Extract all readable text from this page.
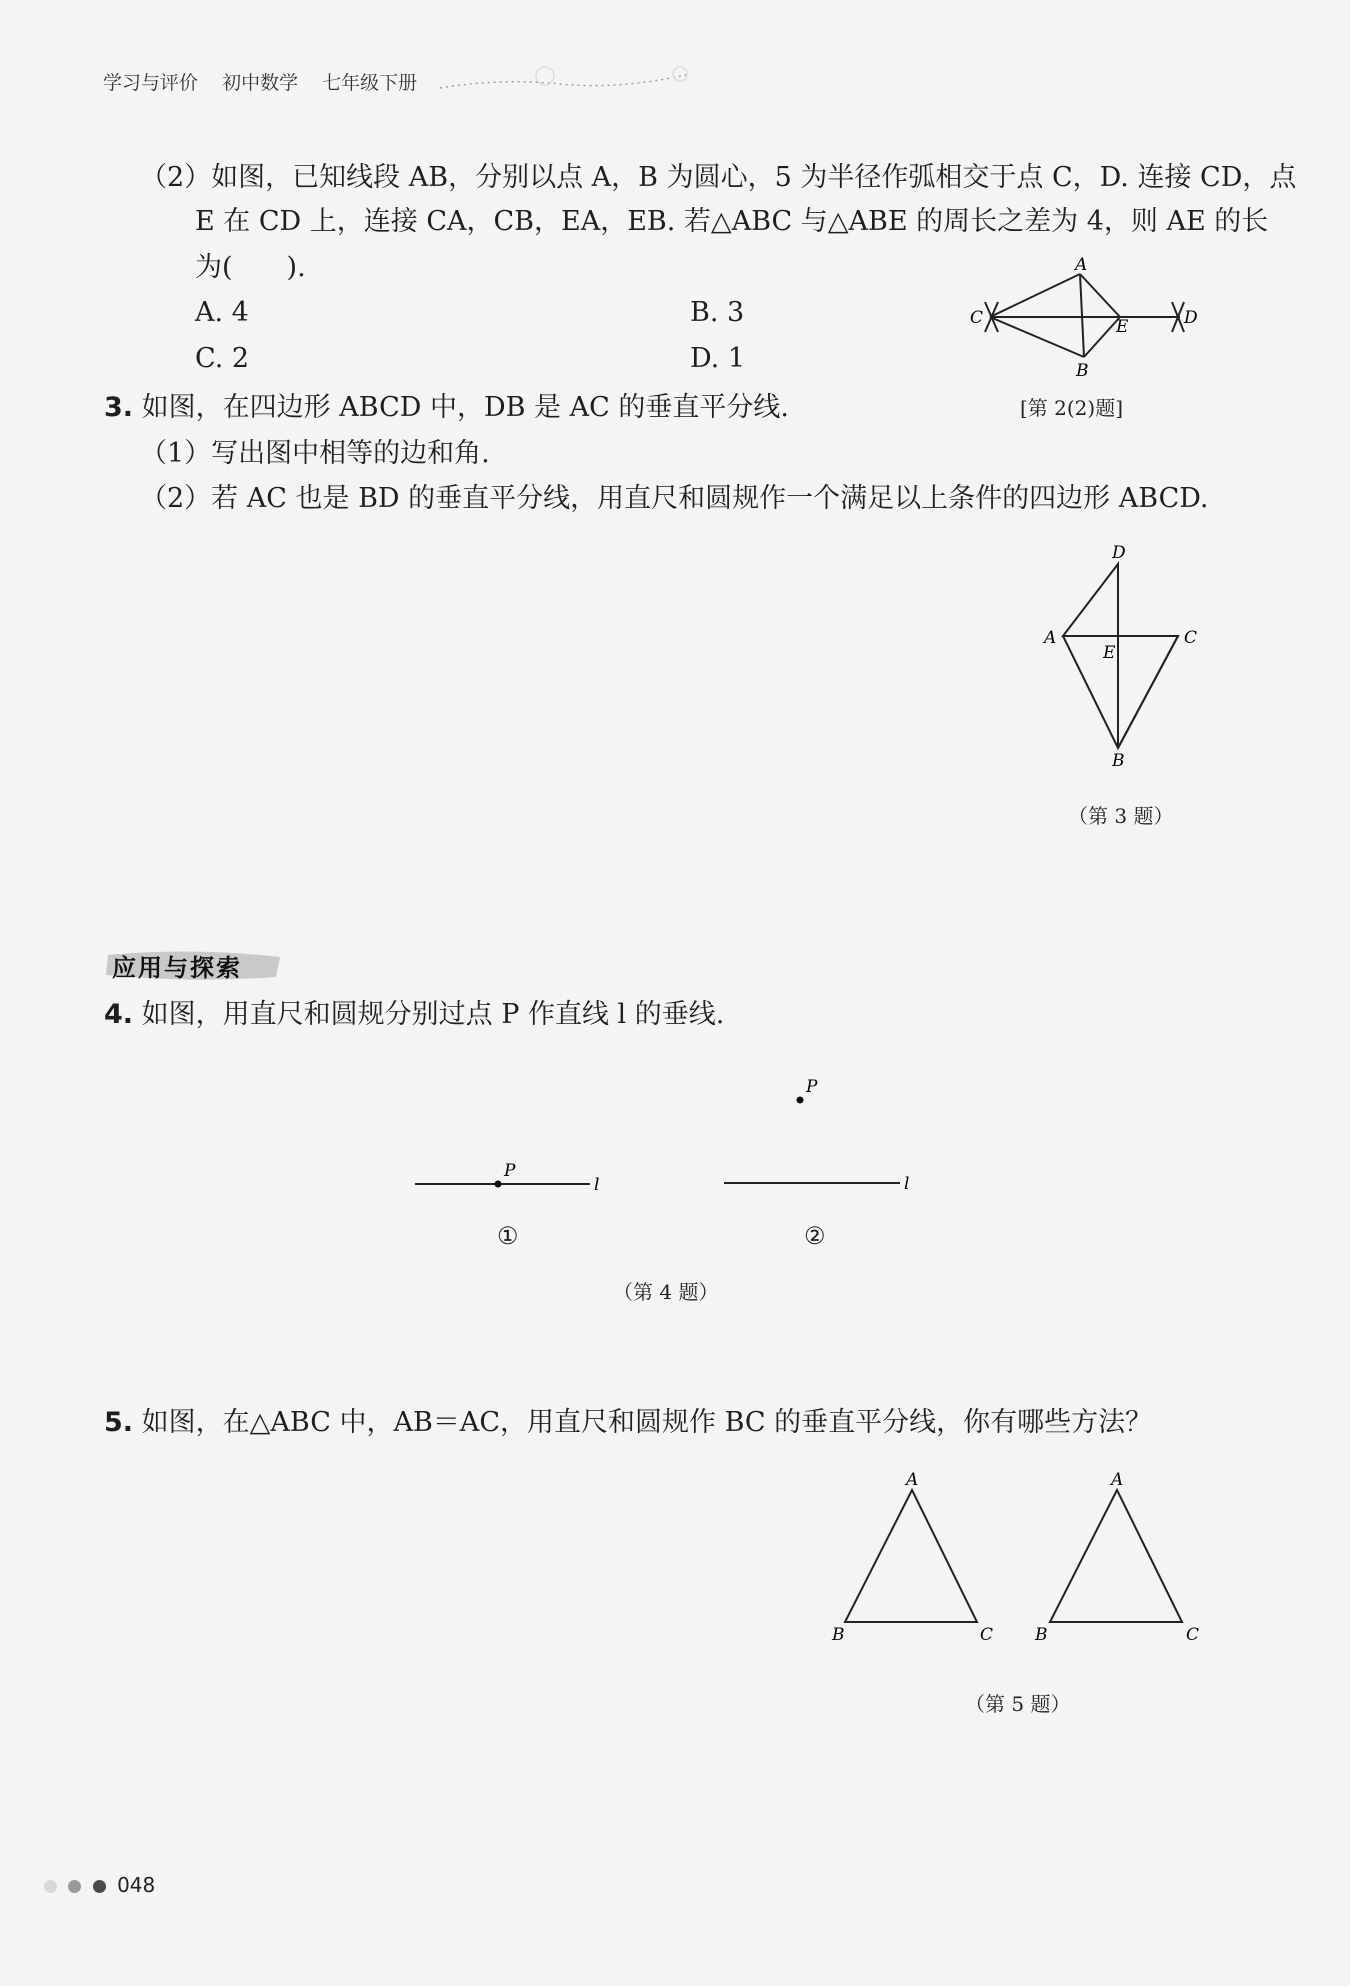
学习与评价 初中数学 七年级下册
（2）如图，已知线段 AB，分别以点 A，B 为圆心，5 为半径作弧相交于点 C，D. 连接 CD，点
E 在 CD 上，连接 CA，CB，EA，EB. 若△ABC 与△ABE 的周长之差为 4，则 AE 的长
为(　　).
A. 4	B. 3
C. 2	D. 1
A
B
C	D
E
[第 2(2)题]
3. 如图，在四边形 ABCD 中，DB 是 AC 的垂直平分线.
（1）写出图中相等的边和角.
（2）若 AC 也是 BD 的垂直平分线，用直尺和圆规作一个满足以上条件的四边形 ABCD.
D
A	C
E
B
（第 3 题）
应用与探索
4. 如图，用直尺和圆规分别过点 P 作直线 l 的垂线.
P
l
①
P
l
②
（第 4 题）
5. 如图，在△ABC 中，AB＝AC，用直尺和圆规作 BC 的垂直平分线，你有哪些方法？
A
B	C
A
B	C
（第 5 题）
048
